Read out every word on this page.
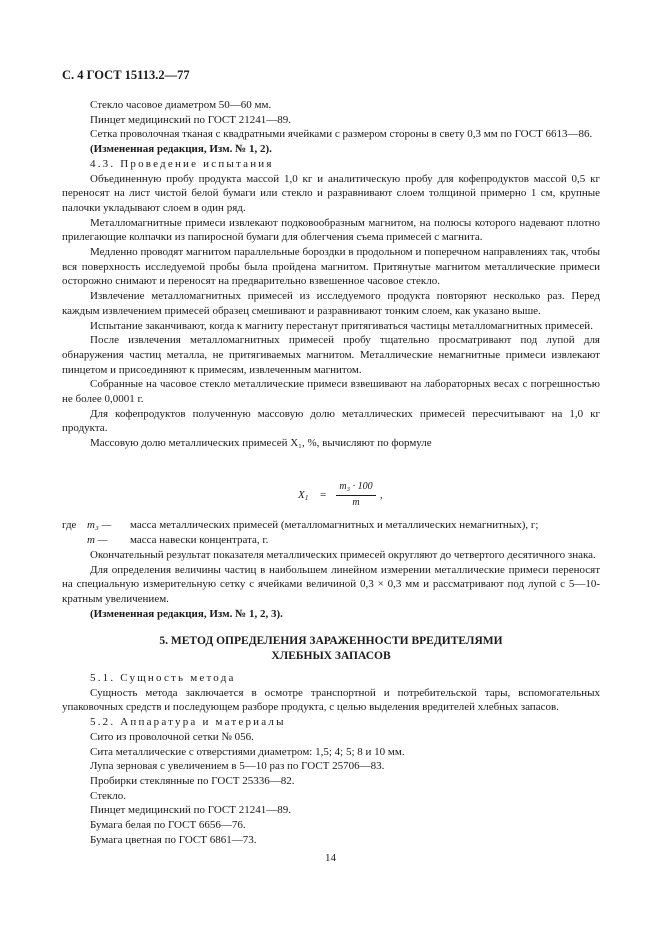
С. 4 ГОСТ 15113.2—77

Стекло часовое диаметром 50—60 мм.

Пинцет медицинский по ГОСТ 21241—89.

Сетка проволочная тканая с квадратными ячейками с размером стороны в свету 0,3 мм по ГОСТ 6613—86.

(Измененная редакция, Изм. № 1, 2).

4.3. Проведение испытания

Объединенную пробу продукта массой 1,0 кг и аналитическую пробу для кофепродуктов массой 0,5 кг переносят на лист чистой белой бумаги или стекло и разравнивают слоем толщиной примерно 1 см, крупные палочки укладывают слоем в один ряд.

Металломагнитные примеси извлекают подковообразным магнитом, на полюсы которого надевают плотно прилегающие колпачки из папиросной бумаги для облегчения съема примесей с магнита.

Медленно проводят магнитом параллельные бороздки в продольном и поперечном направлениях так, чтобы вся поверхность исследуемой пробы была пройдена магнитом. Притянутые магнитом металлические примеси осторожно снимают и переносят на предварительно взвешенное часовое стекло.

Извлечение металломагнитных примесей из исследуемого продукта повторяют несколько раз. Перед каждым извлечением примесей образец смешивают и разравнивают тонким слоем, как указано выше.

Испытание заканчивают, когда к магниту перестанут притягиваться частицы металломагнитных примесей.

После извлечения металломагнитных примесей пробу тщательно просматривают под лупой для обнаружения частиц металла, не притягиваемых магнитом. Металлические немагнитные примеси извлекают пинцетом и присоединяют к примесям, извлеченным магнитом.

Собранные на часовое стекло металлические примеси взвешивают на лабораторных весах с погрешностью не более 0,0001 г.

Для кофепродуктов полученную массовую долю металлических примесей пересчитывают на 1,0 кг продукта.

Массовую долю металлических примесей X₁, %, вычисляют по формуле

$X_1$ =
m₃ · 100
m
,
где m₃ — масса металлических примесей (металломагнитных и металлических немагнитных), г;
m — масса навески концентрата, г.

Окончательный результат показателя металлических примесей округляют до четвертого десятичного знака.

Для определения величины частиц в наибольшем линейном измерении металлические примеси переносят на специальную измерительную сетку с ячейками величиной 0,3 × 0,3 мм и рассматривают под лупой с 5—10-кратным увеличением.

(Измененная редакция, Изм. № 1, 2, 3).

5. МЕТОД ОПРЕДЕЛЕНИЯ ЗАРАЖЕННОСТИ ВРЕДИТЕЛЯМИ
ХЛЕБНЫХ ЗАПАСОВ

5.1. Сущность метода

Сущность метода заключается в осмотре транспортной и потребительской тары, вспомогательных упаковочных средств и последующем разборе продукта, с целью выделения вредителей хлебных запасов.

5.2. Аппаратура и материалы

Сито из проволочной сетки № 056.

Сита металлические с отверстиями диаметром: 1,5; 4; 5; 8 и 10 мм.

Лупа зерновая с увеличением в 5—10 раз по ГОСТ 25706—83.

Пробирки стеклянные по ГОСТ 25336—82.

Стекло.

Пинцет медицинский по ГОСТ 21241—89.

Бумага белая по ГОСТ 6656—76.

Бумага цветная по ГОСТ 6861—73.

14
